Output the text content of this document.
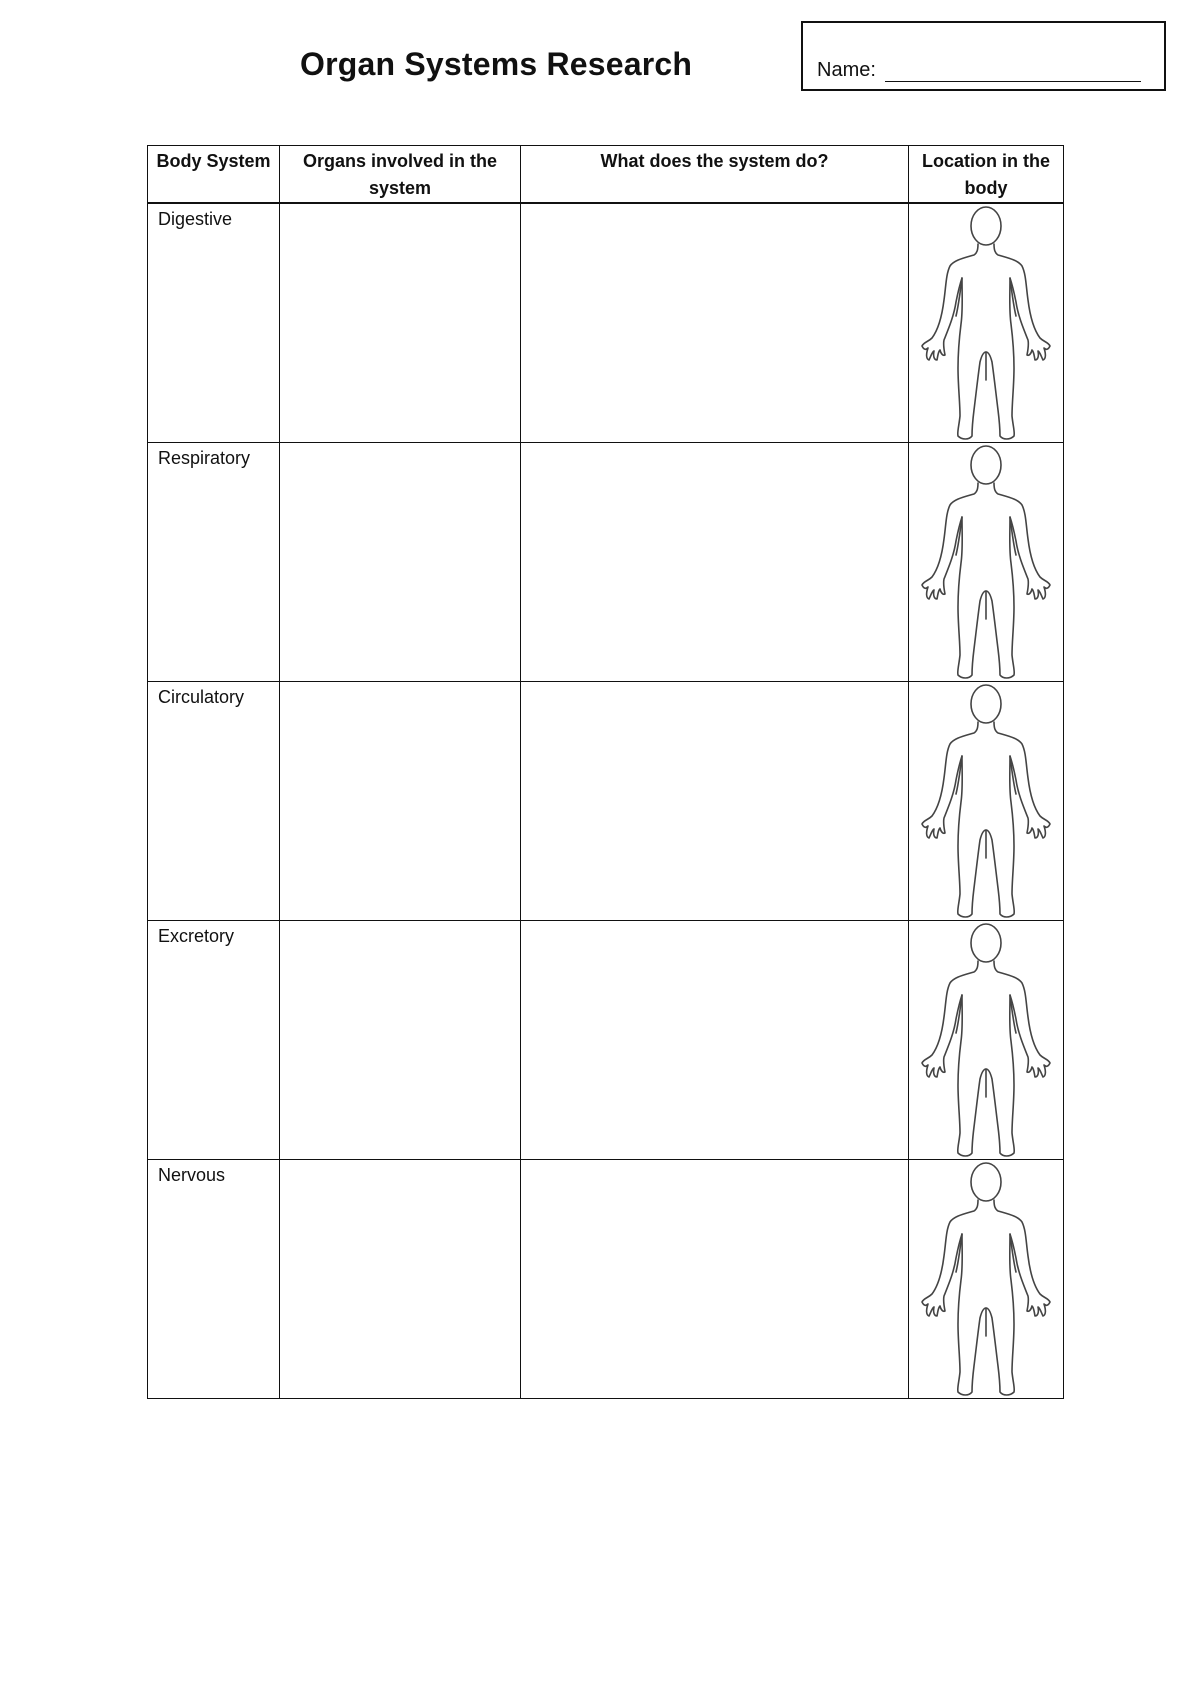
Organ Systems Research	Name:
Body System	Organs involved in the system	What does the system do?	Location in the body
Digestive			

Respiratory			

Circulatory			

Excretory			

Nervous			
